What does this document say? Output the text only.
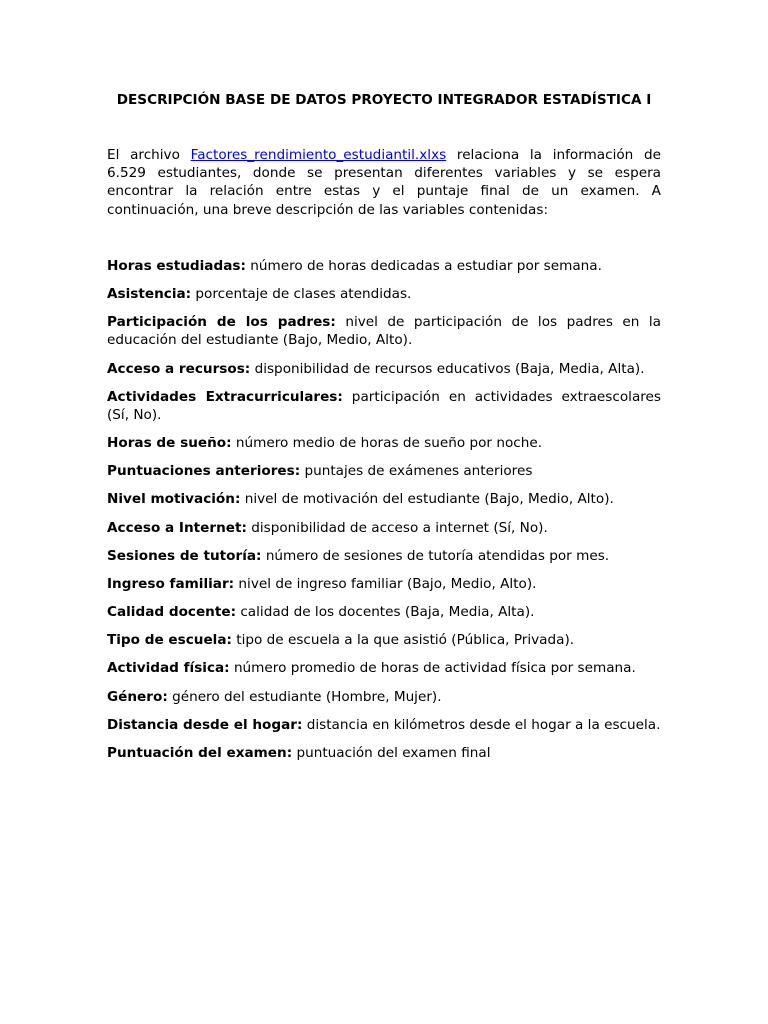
DESCRIPCIÓN BASE DE DATOS PROYECTO INTEGRADOR ESTADÍSTICA I

El archivo Factores_rendimiento_estudiantil.xlxs relaciona la información de 6.529 estudiantes, donde se presentan diferentes variables y se espera encontrar la relación entre estas y el puntaje final de un examen. A continuación, una breve descripción de las variables contenidas:

Horas estudiadas: número de horas dedicadas a estudiar por semana.

Asistencia: porcentaje de clases atendidas.

Participación de los padres: nivel de participación de los padres en la educación del estudiante (Bajo, Medio, Alto).

Acceso a recursos: disponibilidad de recursos educativos (Baja, Media, Alta).

Actividades Extracurriculares: participación en actividades extraescolares (Sí, No).

Horas de sueño: número medio de horas de sueño por noche.

Puntuaciones anteriores: puntajes de exámenes anteriores

Nivel motivación: nivel de motivación del estudiante (Bajo, Medio, Alto).

Acceso a Internet: disponibilidad de acceso a internet (Sí, No).

Sesiones de tutoría: número de sesiones de tutoría atendidas por mes.

Ingreso familiar: nivel de ingreso familiar (Bajo, Medio, Alto).

Calidad docente: calidad de los docentes (Baja, Media, Alta).

Tipo de escuela: tipo de escuela a la que asistió (Pública, Privada).

Actividad física: número promedio de horas de actividad física por semana.

Género: género del estudiante (Hombre, Mujer).

Distancia desde el hogar: distancia en kilómetros desde el hogar a la escuela.

Puntuación del examen: puntuación del examen final
